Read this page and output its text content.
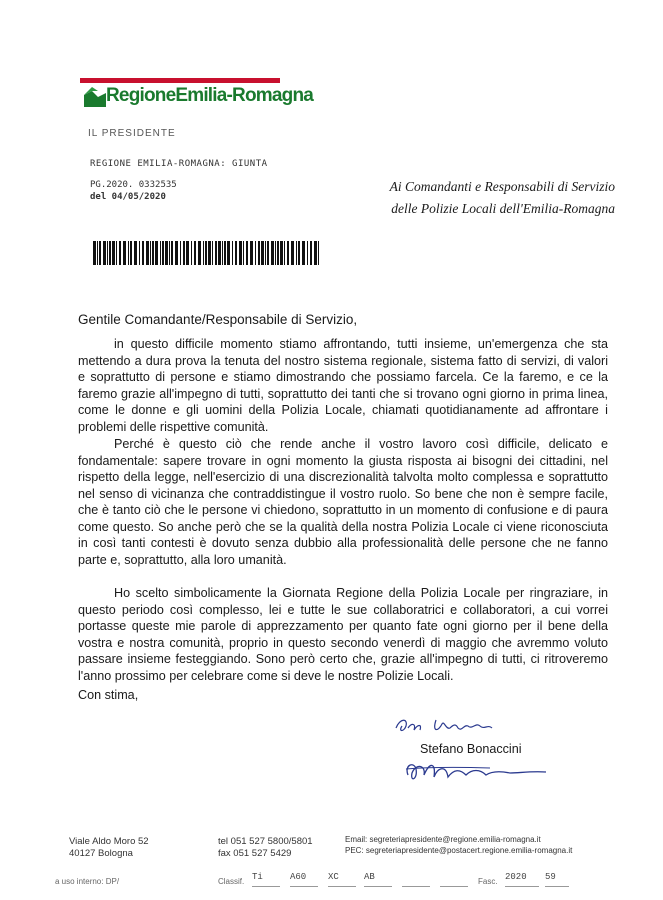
RegioneEmilia-Romagna
IL PRESIDENTE
REGIONE EMILIA-ROMAGNA: GIUNTA
PG.2020. 0332535
del 04/05/2020
Ai Comandanti e Responsabili di Servizio
delle Polizie Locali dell'Emilia-Romagna
Gentile Comandante/Responsabile di Servizio,
in questo difficile momento stiamo affrontando, tutti insieme, un'emergenza che sta mettendo a dura prova la tenuta del nostro sistema regionale, sistema fatto di servizi, di valori e soprattutto di persone e stiamo dimostrando che possiamo farcela. Ce la faremo, e ce la faremo grazie all'impegno di tutti, soprattutto dei tanti che si trovano ogni giorno in prima linea, come le donne e gli uomini della Polizia Locale, chiamati quotidianamente ad affrontare i problemi delle rispettive comunità.
Perché è questo ciò che rende anche il vostro lavoro così difficile, delicato e fondamentale: sapere trovare in ogni momento la giusta risposta ai bisogni dei cittadini, nel rispetto della legge, nell'esercizio di una discrezionalità talvolta molto complessa e soprattutto nel senso di vicinanza che contraddistingue il vostro ruolo. So bene che non è sempre facile, che è tanto ciò che le persone vi chiedono, soprattutto in un momento di confusione e di paura come questo. So anche però che se la qualità della nostra Polizia Locale ci viene riconosciuta in così tanti contesti è dovuto senza dubbio alla professionalità delle persone che ne fanno parte e, soprattutto, alla loro umanità.
Ho scelto simbolicamente la Giornata Regione della Polizia Locale per ringraziare, in questo periodo così complesso, lei e tutte le sue collaboratrici e collaboratori, a cui vorrei portasse queste mie parole di apprezzamento per quanto fate ogni giorno per il bene della vostra e nostra comunità, proprio in questo secondo venerdì di maggio che avremmo voluto passare insieme festeggiando. Sono però certo che, grazie all'impegno di tutti, ci ritroveremo l'anno prossimo per celebrare come si deve le nostre Polizie Locali.
Con stima,
Stefano Bonaccini
Viale Aldo Moro 52
40127 Bologna
tel 051 527 5800/5801
fax 051 527 5429
Email: segreteriapresidente@regione.emilia-romagna.it
PEC: segreteriapresidente@postacert.regione.emilia-romagna.it
a uso interno: DP/	Classif. Ti	A60	XC	AB	Fasc. 2020	59
